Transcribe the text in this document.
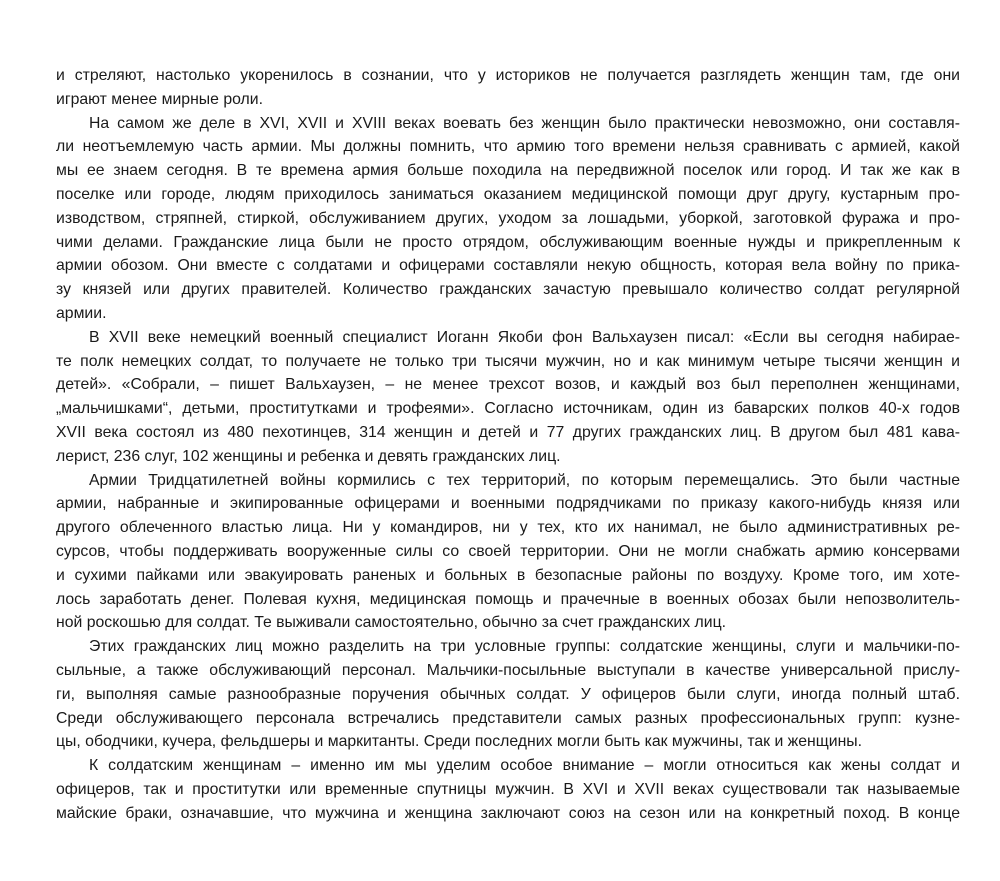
и стреляют, настолько укоренилось в сознании, что у историков не получается разглядеть женщин там, где они
играют менее мирные роли.
На самом же деле в XVI, XVII и XVIII веках воевать без женщин было практически невозможно, они составля-
ли неотъемлемую часть армии. Мы должны помнить, что армию того времени нельзя сравнивать с армией, какой
мы ее знаем сегодня. В те времена армия больше походила на передвижной поселок или город. И так же как в
поселке или городе, людям приходилось заниматься оказанием медицинской помощи друг другу, кустарным про-
изводством, стряпней, стиркой, обслуживанием других, уходом за лошадьми, уборкой, заготовкой фуража и про-
чими делами. Гражданские лица были не просто отрядом, обслуживающим военные нужды и прикрепленным к
армии обозом. Они вместе с солдатами и офицерами составляли некую общность, которая вела войну по прика-
зу князей или других правителей. Количество гражданских зачастую превышало количество солдат регулярной
армии.
В XVII веке немецкий военный специалист Иоганн Якоби фон Вальхаузен писал: «Если вы сегодня набирае-
те полк немецких солдат, то получаете не только три тысячи мужчин, но и как минимум четыре тысячи женщин и
детей». «Собрали, – пишет Вальхаузен, – не менее трехсот возов, и каждый воз был переполнен женщинами,
„мальчишками“, детьми, проститутками и трофеями». Согласно источникам, один из баварских полков 40-х годов
XVII века состоял из 480 пехотинцев, 314 женщин и детей и 77 других гражданских лиц. В другом был 481 кава-
лерист, 236 слуг, 102 женщины и ребенка и девять гражданских лиц.
Армии Тридцатилетней войны кормились с тех территорий, по которым перемещались. Это были частные
армии, набранные и экипированные офицерами и военными подрядчиками по приказу какого-нибудь князя или
другого облеченного властью лица. Ни у командиров, ни у тех, кто их нанимал, не было административных ре-
сурсов, чтобы поддерживать вооруженные силы со своей территории. Они не могли снабжать армию консервами
и сухими пайками или эвакуировать раненых и больных в безопасные районы по воздуху. Кроме того, им хоте-
лось заработать денег. Полевая кухня, медицинская помощь и прачечные в военных обозах были непозволитель-
ной роскошью для солдат. Те выживали самостоятельно, обычно за счет гражданских лиц.
Этих гражданских лиц можно разделить на три условные группы: солдатские женщины, слуги и мальчики-по-
сыльные, а также обслуживающий персонал. Мальчики-посыльные выступали в качестве универсальной прислу-
ги, выполняя самые разнообразные поручения обычных солдат. У офицеров были слуги, иногда полный штаб.
Среди обслуживающего персонала встречались представители самых разных профессиональных групп: кузне-
цы, ободчики, кучера, фельдшеры и маркитанты. Среди последних могли быть как мужчины, так и женщины.
К солдатским женщинам – именно им мы уделим особое внимание – могли относиться как жены солдат и
офицеров, так и проститутки или временные спутницы мужчин. В XVI и XVII веках существовали так называемые
майские браки, означавшие, что мужчина и женщина заключают союз на сезон или на конкретный поход. В конце
